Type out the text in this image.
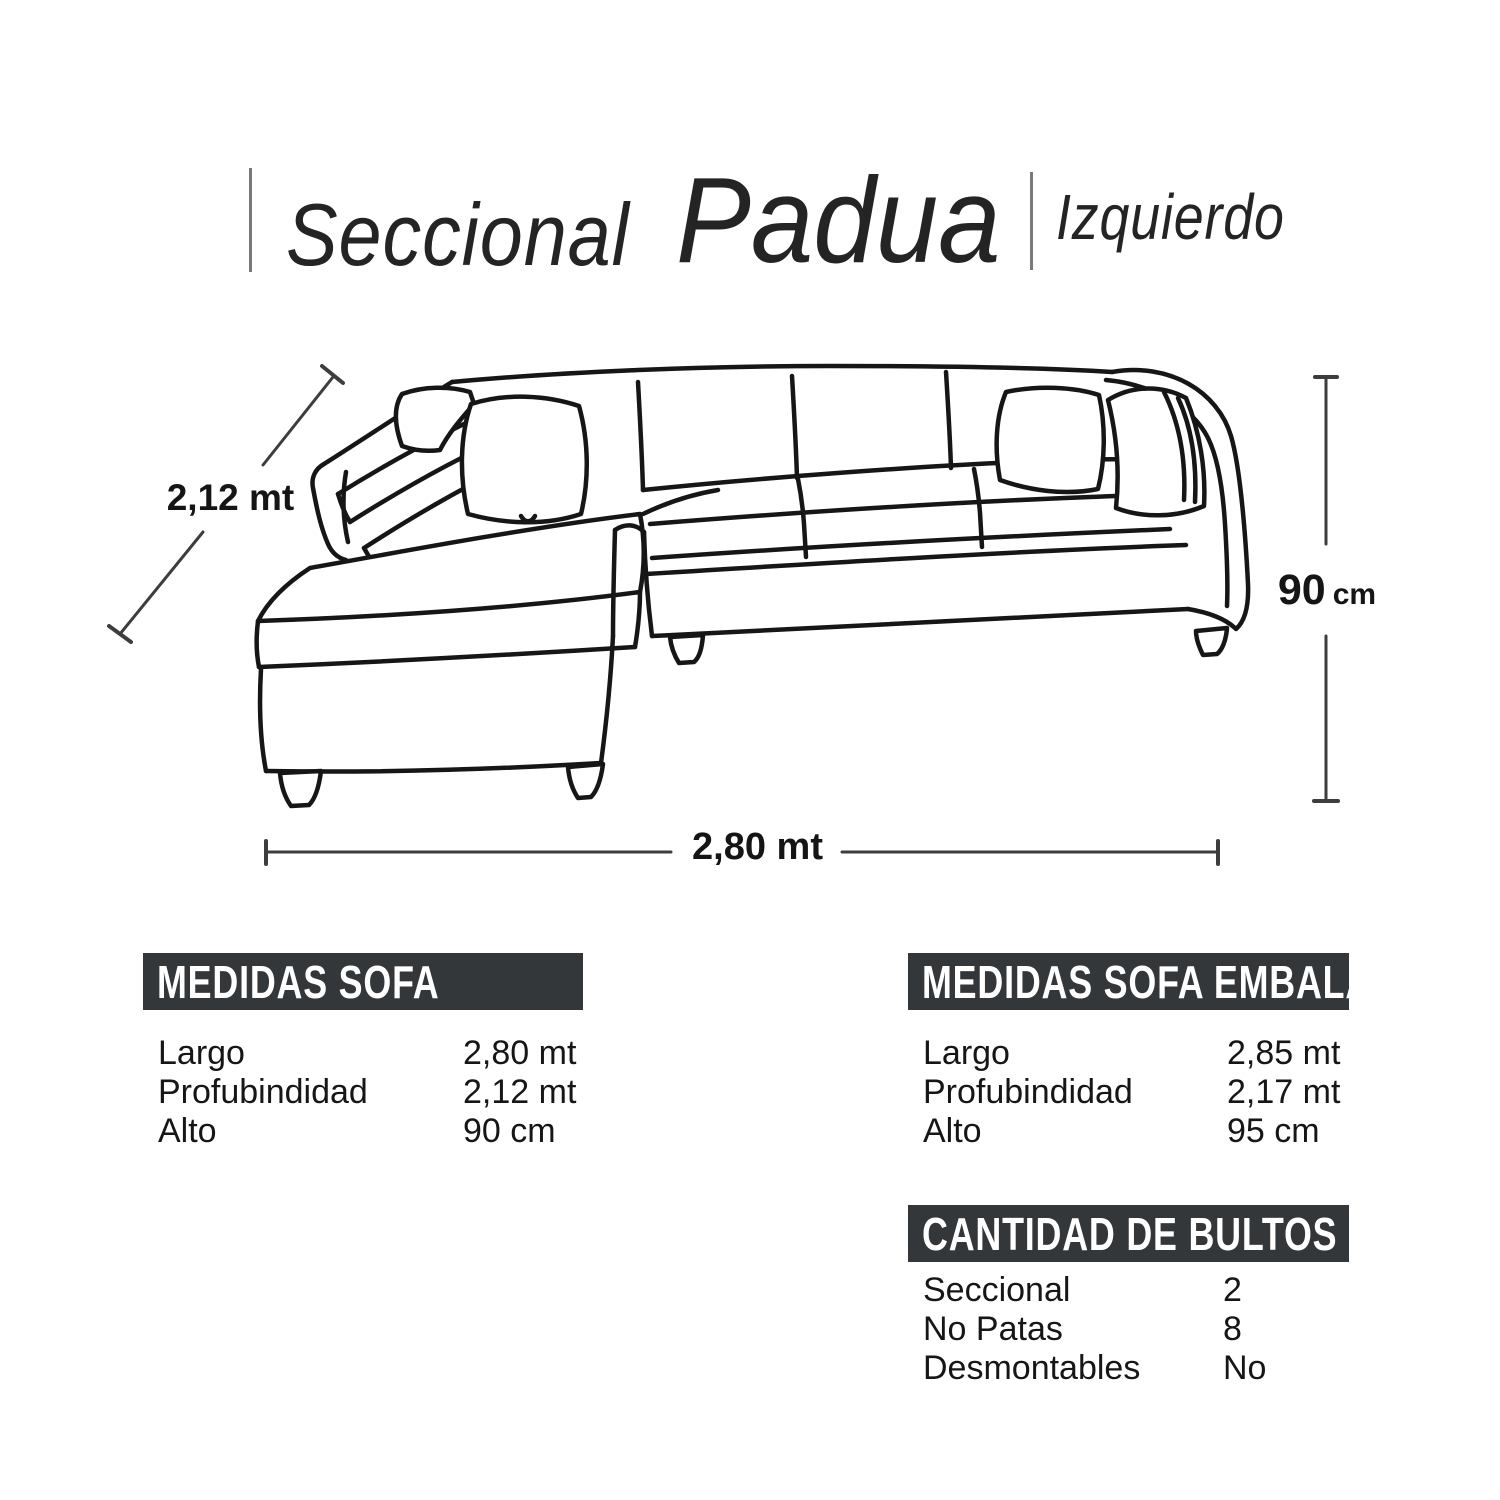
Seccional Padua Izquierdo
2,12 mt
90 cm
2,80 mt
MEDIDAS SOFA
Largo	2,80 mt
Profubindidad	2,12 mt
Alto	90 cm
MEDIDAS SOFA EMBALADO
Largo	2,85 mt
Profubindidad	2,17 mt
Alto	95 cm
CANTIDAD DE BULTOS
Seccional	2
No Patas	8
Desmontables No
